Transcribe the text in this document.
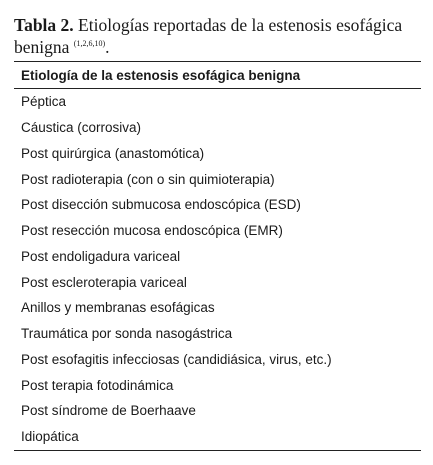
Tabla 2. Etiologías reportadas de la estenosis esofágica benigna $^{(1,2,6,10)}$.
Etiología de la estenosis esofágica benigna
Péptica
Cáustica (corrosiva)
Post quirúrgica (anastomótica)
Post radioterapia (con o sin quimioterapia)
Post disección submucosa endoscópica (ESD)
Post resección mucosa endoscópica (EMR)
Post endoligadura variceal
Post escleroterapia variceal
Anillos y membranas esofágicas
Traumática por sonda nasogástrica
Post esofagitis infecciosas (candidiásica, virus, etc.)
Post terapia fotodinámica
Post síndrome de Boerhaave
Idiopática
